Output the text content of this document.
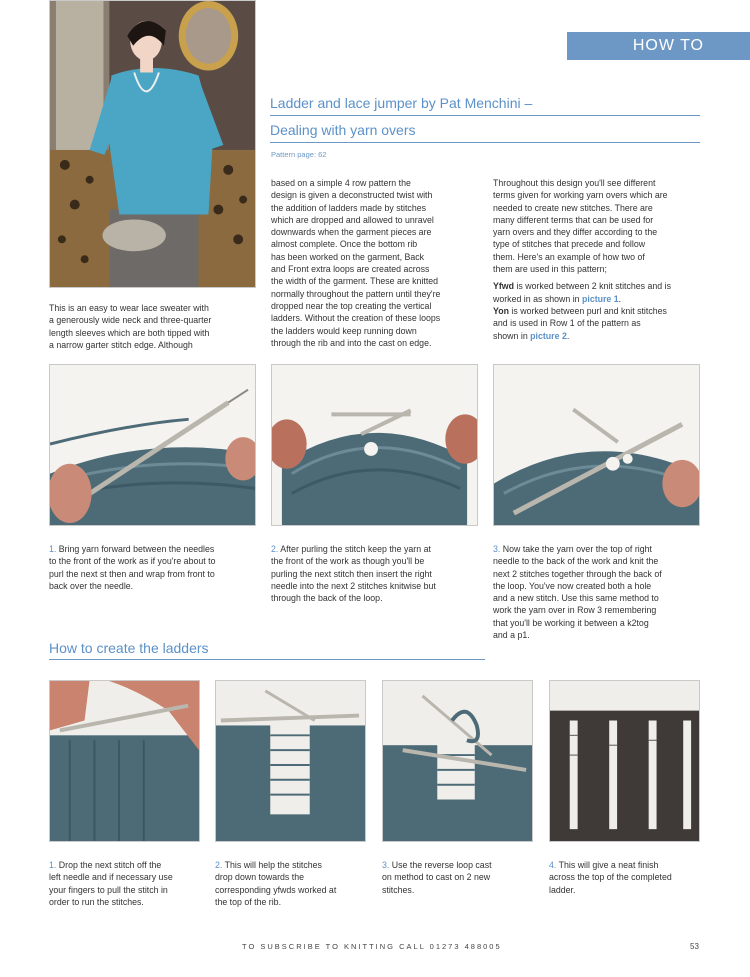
HOW TO
Ladder and lace jumper by Pat Menchini –
Dealing with yarn overs
Pattern page: 62
This is an easy to wear lace sweater with
a generously wide neck and three-quarter
length sleeves which are both tipped with
a narrow garter stitch edge. Although
based on a simple 4 row pattern the
design is given a deconstructed twist with
the addition of ladders made by stitches
which are dropped and allowed to unravel
downwards when the garment pieces are
almost complete. Once the bottom rib
has been worked on the garment, Back
and Front extra loops are created across
the width of the garment. These are knitted
normally throughout the pattern until they're
dropped near the top creating the vertical
ladders. Without the creation of these loops
the ladders would keep running down
through the rib and into the cast on edge.
Throughout this design you'll see different
terms given for working yarn overs which are
needed to create new stitches. There are
many different terms that can be used for
yarn overs and they differ according to the
type of stitches that precede and follow
them. Here's an example of how two of
them are used in this pattern;
Yfwd is worked between 2 knit stitches and is
worked in as shown in picture 1.
Yon is worked between purl and knit stitches
and is used in Row 1 of the pattern as
shown in picture 2.
1. Bring yarn forward between the needles
to the front of the work as if you're about to
purl the next st then and wrap from front to
back over the needle.
2. After purling the stitch keep the yarn at
the front of the work as though you'll be
purling the next stitch then insert the right
needle into the next 2 stitches knitwise but
through the back of the loop.
3. Now take the yarn over the top of right
needle to the back of the work and knit the
next 2 stitches together through the back of
the loop. You've now created both a hole
and a new stitch. Use this same method to
work the yarn over in Row 3 remembering
that you'll be working it between a k2tog
and a p1.
How to create the ladders
1. Drop the next stitch off the
left needle and if necessary use
your fingers to pull the stitch in
order to run the stitches.
2. This will help the stitches
drop down towards the
corresponding yfwds worked at
the top of the rib.
3. Use the reverse loop cast
on method to cast on 2 new
stitches.
4. This will give a neat finish
across the top of the completed
ladder.
TO SUBSCRIBE TO KNITTING CALL 01273 488005	53
